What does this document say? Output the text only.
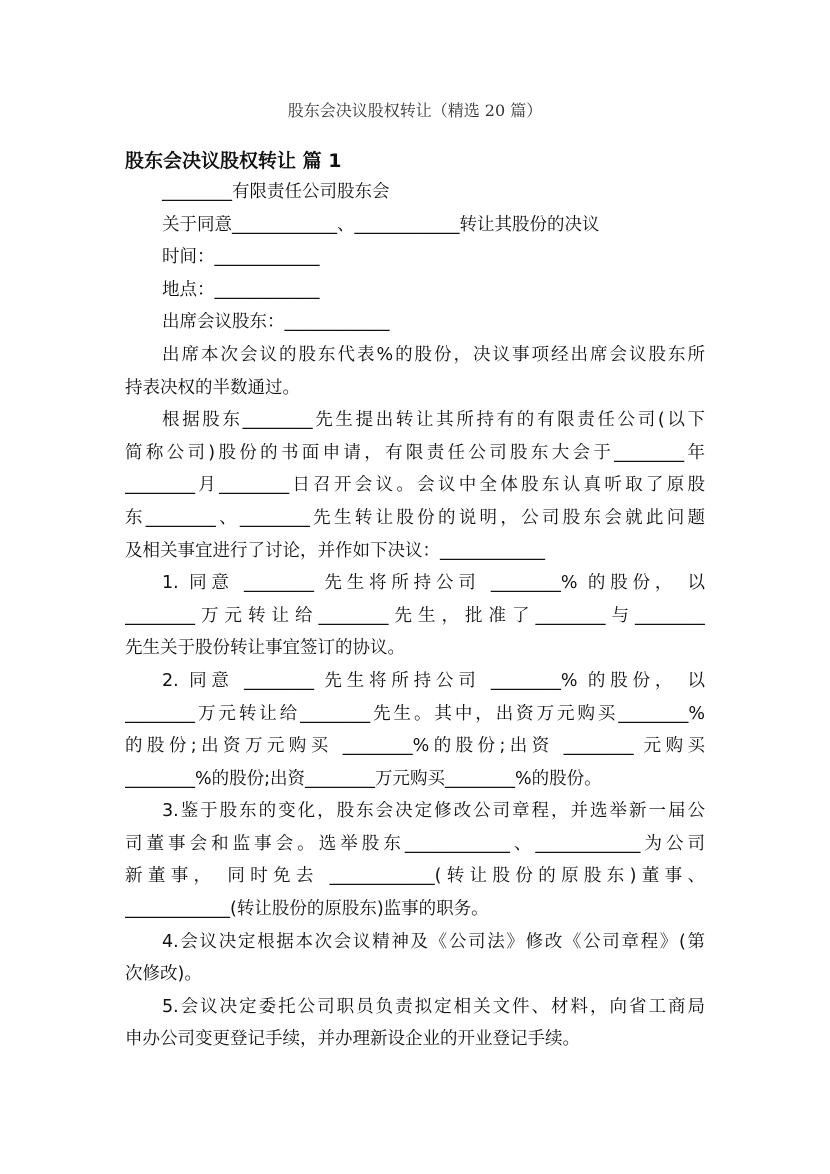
股东会决议股权转让（精选 20 篇）
股东会决议股权转让 篇 1
________有限责任公司股东会
关于同意____________、____________转让其股份的决议
时间：____________
地点：____________
出席会议股东：____________
出席本次会议的股东代表%的股份，决议事项经出席会议股东所
持表决权的半数通过。
根据股东________先生提出转让其所持有的有限责任公司(以下
简称公司)股份的书面申请，有限责任公司股东大会于________年
________月________日召开会议。会议中全体股东认真听取了原股
东________、________先生转让股份的说明，公司股东会就此问题
及相关事宜进行了讨论，并作如下决议：____________
1. 同意 ________ 先生将所持公司 ________% 的股份， 以
________万元转让给________先生，批准了________与________
先生关于股份转让事宜签订的协议。
2. 同意 ________ 先生将所持公司 ________% 的股份， 以
________万元转让给________先生。其中，出资万元购买________%
的股份;出资万元购买 ________%的股份;出资 ________ 元购买
________%的股份;出资________万元购买________%的股份。
3.鉴于股东的变化，股东会决定修改公司章程，并选举新一届公
司董事会和监事会。选举股东____________、____________为公司
新董事， 同时免去 ____________(转让股份的原股东)董事、
____________(转让股份的原股东)监事的职务。
4.会议决定根据本次会议精神及《公司法》修改《公司章程》(第
次修改)。
5.会议决定委托公司职员负责拟定相关文件、材料，向省工商局
申办公司变更登记手续，并办理新设企业的开业登记手续。
